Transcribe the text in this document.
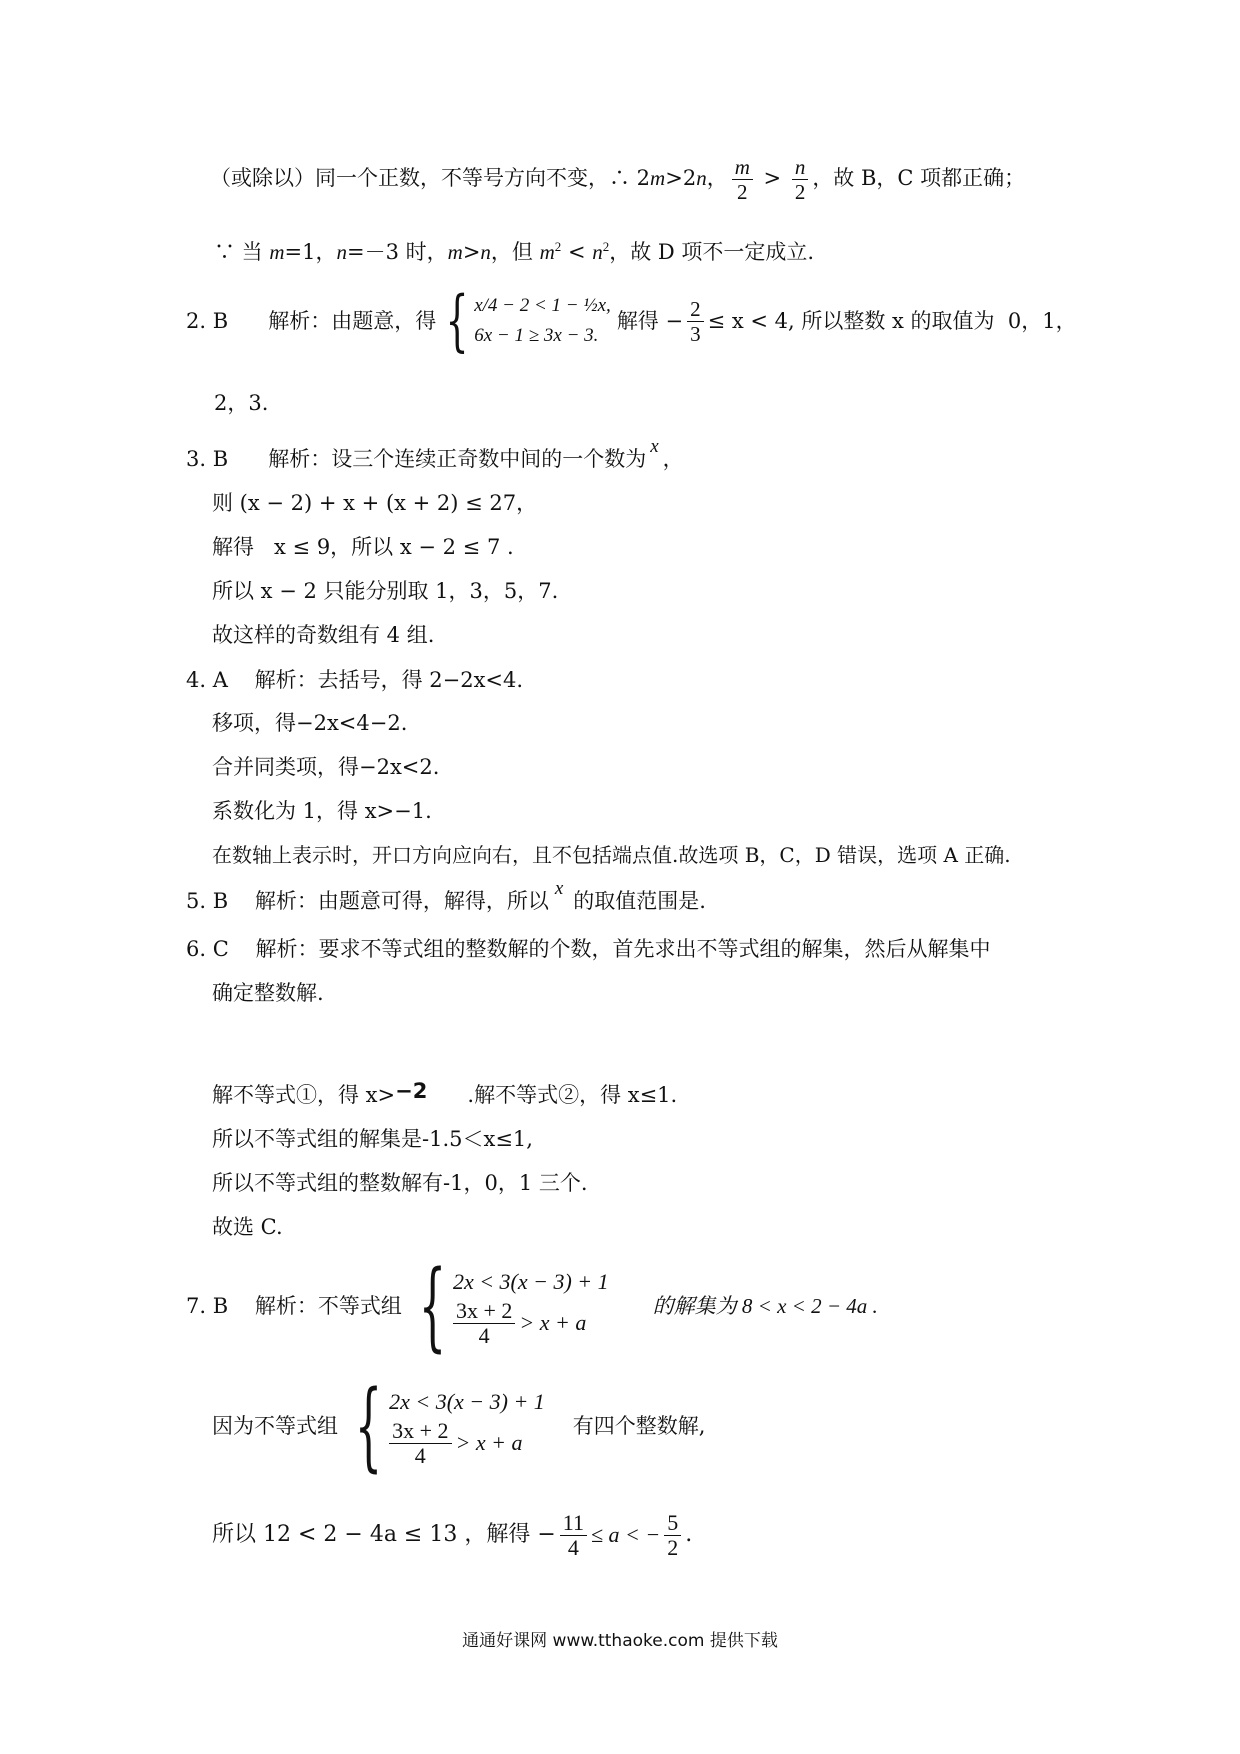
（或除以）同一个正数，不等号方向不变，∴ 2m>2n， $\frac{m}{2} > \frac{n}{2}$ ，故 B，C 项都正确；
∵ 当 m=1，n=－3 时，m>n，但 $m^2 < n^2$，故 D 项不一定成立.
2. B      解析：由题意，得 { x/4 − 2 < 1 − ½x,
6x − 1 ≥ 3x − 3.
解得 − $\frac{2}{3} \le x < 4$, 所以整数 x 的取值为  0，1，
2，3.
3. B      解析：设三个连续正奇数中间的一个数为x，
则 (x − 2) + x + (x + 2) ≤ 27，
解得   x ≤ 9，所以 x − 2 ≤ 7 .
所以 x − 2 只能分别取 1，3，5，7.
故这样的奇数组有 4 组.
4. A    解析：去括号，得 2−2x<4.
移项，得−2x<4−2.
合并同类项，得−2x<2.
系数化为 1，得 x>−1.
在数轴上表示时，开口方向应向右，且不包括端点值.故选项 B，C，D 错误，选项 A 正确.
5. B    解析：由题意可得，解得，所以x的取值范围是.
6. C    解析：要求不等式组的整数解的个数，首先求出不等式组的解集，然后从解集中
确定整数解.
解不等式①，得 x>−2      .解不等式②，得 x≤1.
所以不等式组的解集是-1.5＜x≤1,
所以不等式组的整数解有-1，0，1 三个.
故选 C.
7. B    解析：不等式组 { 2x < 3(x − 3) + 1
$\frac{3x + 2}{4} > x + a$
的解集为 8 < x < 2 − 4a .
因为不等式组 { 2x < 3(x − 3) + 1
$\frac{3x + 2}{4} > x + a$
有四个整数解,
所以 12 < 2 − 4a ≤ 13 ，解得 − $\frac{11}{4} \le a$ < − $\frac{5}{2}$ .
通通好课网 www.tthaoke.com 提供下载
